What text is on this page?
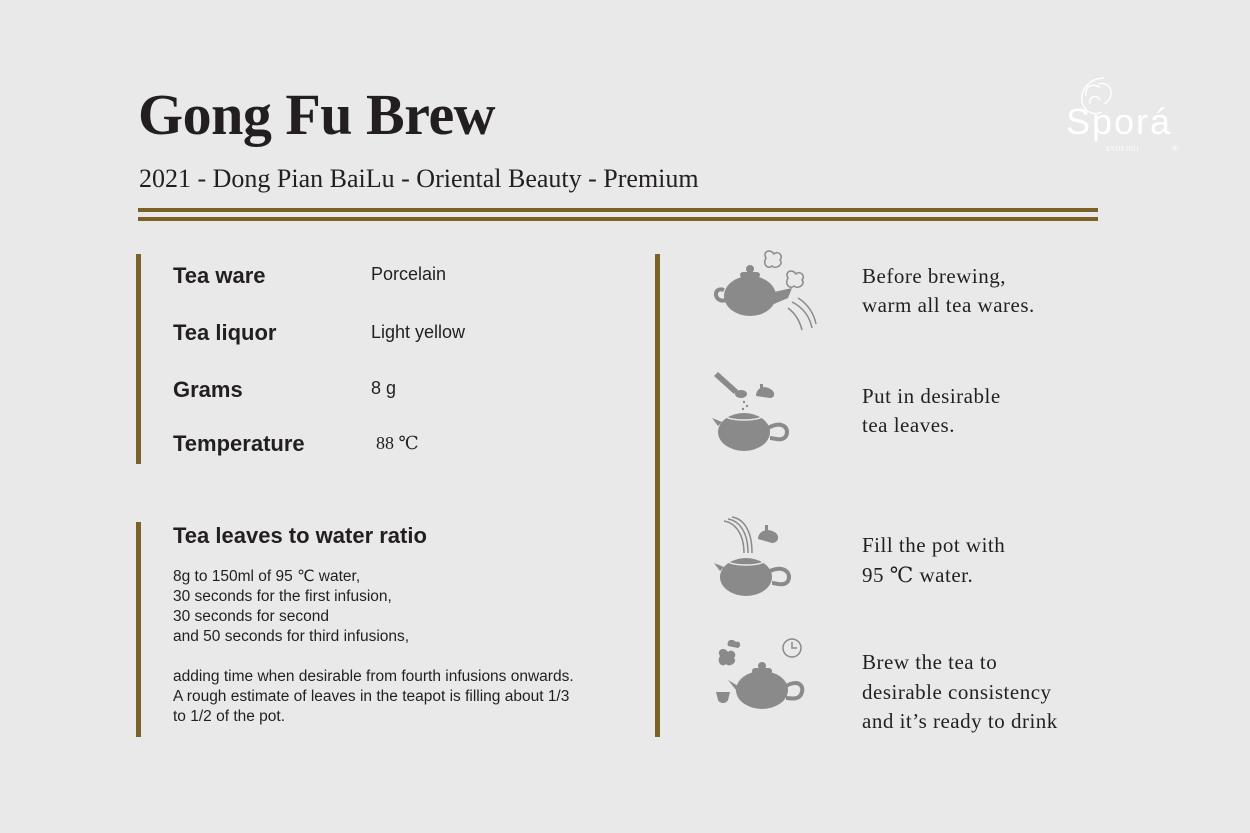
Gong Fu Brew
2021 - Dong Pian BaiLu - Oriental Beauty - Premium
Sporá
ESTD 2021	®
Tea ware	Porcelain
Tea liquor	Light yellow
Grams	8 g
Temperature	88 ℃
Tea leaves to water ratio
8g to 150ml of 95 ℃ water,
30 seconds for the first infusion,
30 seconds for second
and 50 seconds for third infusions,
adding time when desirable from fourth infusions onwards.
A rough estimate of leaves in the teapot is filling about 1/3
to 1/2 of the pot.
Before brewing,
warm all tea wares.
Put in desirable
tea leaves.
Fill the pot with
95 ℃ water.
Brew the tea to
desirable consistency
and it’s ready to drink
